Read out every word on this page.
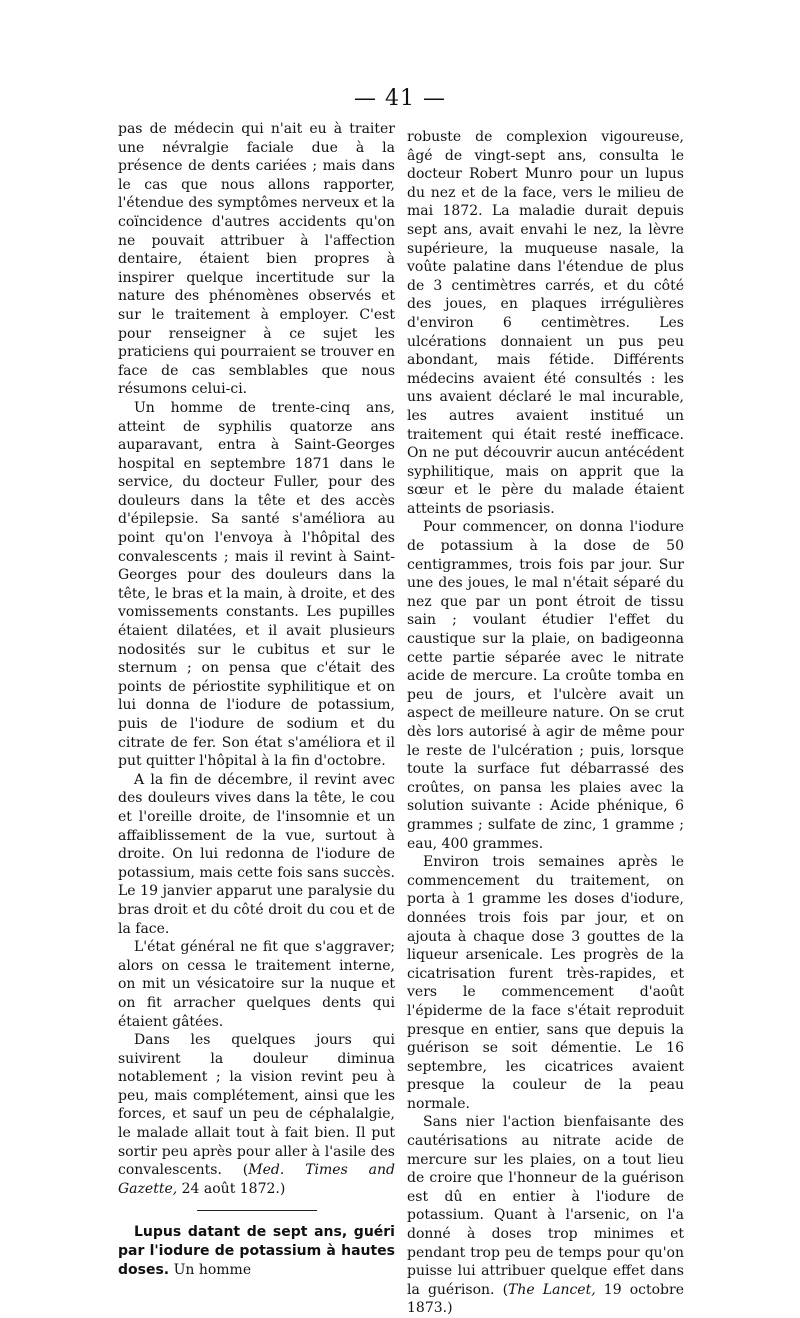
— 41 —

pas de médecin qui n'ait eu à traiter une névralgie faciale due à la présence de dents cariées ; mais dans le cas que nous allons rapporter, l'étendue des symptômes nerveux et la coïncidence d'autres accidents qu'on ne pouvait attribuer à l'affection dentaire, étaient bien propres à inspirer quelque incertitude sur la nature des phénomènes observés et sur le traitement à employer. C'est pour renseigner à ce sujet les praticiens qui pourraient se trouver en face de cas semblables que nous résumons celui-ci.

Un homme de trente-cinq ans, atteint de syphilis quatorze ans auparavant, entra à Saint-Georges hospital en septembre 1871 dans le service, du docteur Fuller, pour des douleurs dans la tête et des accès d'épilepsie. Sa santé s'améliora au point qu'on l'envoya à l'hôpital des convalescents ; mais il revint à Saint-Georges pour des douleurs dans la tête, le bras et la main, à droite, et des vomissements constants. Les pupilles étaient dilatées, et il avait plusieurs nodosités sur le cubitus et sur le sternum ; on pensa que c'était des points de périostite syphilitique et on lui donna de l'iodure de potassium, puis de l'iodure de sodium et du citrate de fer. Son état s'améliora et il put quitter l'hôpital à la fin d'octobre.

A la fin de décembre, il revint avec des douleurs vives dans la tête, le cou et l'oreille droite, de l'insomnie et un affaiblissement de la vue, surtout à droite. On lui redonna de l'iodure de potassium, mais cette fois sans succès. Le 19 janvier apparut une paralysie du bras droit et du côté droit du cou et de la face.

L'état général ne fit que s'aggraver; alors on cessa le traitement interne, on mit un vésicatoire sur la nuque et on fit arracher quelques dents qui étaient gâtées.

Dans les quelques jours qui suivirent la douleur diminua notablement ; la vision revint peu à peu, mais complétement, ainsi que les forces, et sauf un peu de céphalalgie, le malade allait tout à fait bien. Il put sortir peu après pour aller à l'asile des convalescents. (Med. Times and Gazette, 24 août 1872.)

Lupus datant de sept ans, guéri par l'iodure de potassium à hautes doses. Un homme

robuste de complexion vigoureuse, âgé de vingt-sept ans, consulta le docteur Robert Munro pour un lupus du nez et de la face, vers le milieu de mai 1872. La maladie durait depuis sept ans, avait envahi le nez, la lèvre supérieure, la muqueuse nasale, la voûte palatine dans l'étendue de plus de 3 centimètres carrés, et du côté des joues, en plaques irrégulières d'environ 6 centimètres. Les ulcérations donnaient un pus peu abondant, mais fétide. Différents médecins avaient été consultés : les uns avaient déclaré le mal incurable, les autres avaient institué un traitement qui était resté inefficace. On ne put découvrir aucun antécédent syphilitique, mais on apprit que la sœur et le père du malade étaient atteints de psoriasis.

Pour commencer, on donna l'iodure de potassium à la dose de 50 centigrammes, trois fois par jour. Sur une des joues, le mal n'était séparé du nez que par un pont étroit de tissu sain ; voulant étudier l'effet du caustique sur la plaie, on badigeonna cette partie séparée avec le nitrate acide de mercure. La croûte tomba en peu de jours, et l'ulcère avait un aspect de meilleure nature. On se crut dès lors autorisé à agir de même pour le reste de l'ulcération ; puis, lorsque toute la surface fut débarrassé des croûtes, on pansa les plaies avec la solution suivante : Acide phénique, 6 grammes ; sulfate de zinc, 1 gramme ; eau, 400 grammes.

Environ trois semaines après le commencement du traitement, on porta à 1 gramme les doses d'iodure, données trois fois par jour, et on ajouta à chaque dose 3 gouttes de la liqueur arsenicale. Les progrès de la cicatrisation furent très-rapides, et vers le commencement d'août l'épiderme de la face s'était reproduit presque en entier, sans que depuis la guérison se soit démentie. Le 16 septembre, les cicatrices avaient presque la couleur de la peau normale.

Sans nier l'action bienfaisante des cautérisations au nitrate acide de mercure sur les plaies, on a tout lieu de croire que l'honneur de la guérison est dû en entier à l'iodure de potassium. Quant à l'arsenic, on l'a donné à doses trop minimes et pendant trop peu de temps pour qu'on puisse lui attribuer quelque effet dans la guérison. (The Lancet, 19 octobre 1873.)
